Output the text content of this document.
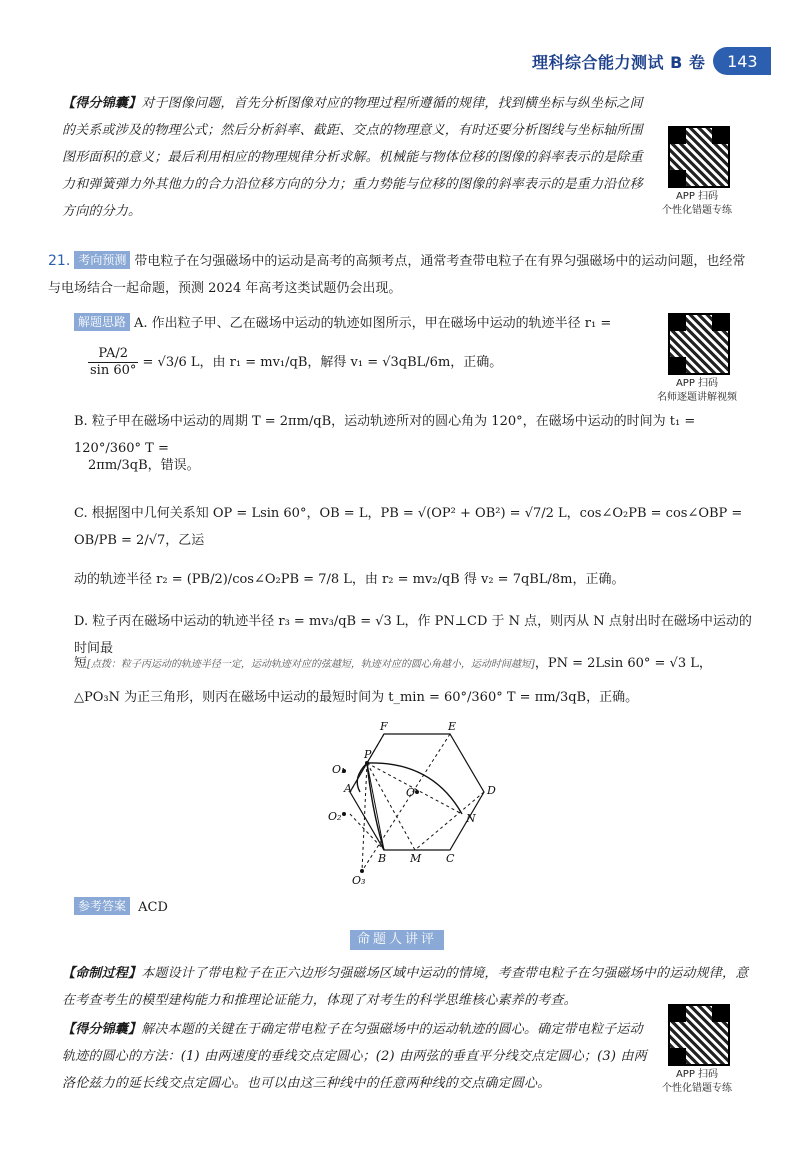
理科综合能力测试 B 卷	143
【得分锦囊】对于图像问题，首先分析图像对应的物理过程所遵循的规律，找到横坐标与纵坐标之间的关系或涉及的物理公式；然后分析斜率、截距、交点的物理意义，有时还要分析图线与坐标轴所围图形面积的意义；最后利用相应的物理规律分析求解。机械能与物体位移的图像的斜率表示的是除重力和弹簧弹力外其他力的合力沿位移方向的分力；重力势能与位移的图像的斜率表示的是重力沿位移方向的分力。
APP 扫码
个性化错题专练
21. 考向预测 带电粒子在匀强磁场中的运动是高考的高频考点，通常考查带电粒子在有界匀强磁场中的运动问题，也经常与电场结合一起命题，预测 2024 年高考这类试题仍会出现。
解题思路 A. 作出粒子甲、乙在磁场中运动的轨迹如图所示，甲在磁场中运动的轨迹半径 r₁ =
$\frac{PA/2}{\sin 60^\circ} = √3/6$ L，由 r₁ = mv₁/qB，解得 v₁ = √3qBL/6m，正确。
APP 扫码
名师逐题讲解视频
B. 粒子甲在磁场中运动的周期 T = 2πm/qB，运动轨迹所对的圆心角为 120°，在磁场中运动的时间为 t₁ = 120°/360° T =
2πm/3qB，错误。
C. 根据图中几何关系知 OP = Lsin 60°，OB = L，PB = √(OP² + OB²) = √7/2 L，cos∠O₂PB = cos∠OBP = OB/PB = 2/√7，乙运
动的轨迹半径 r₂ = (PB/2)/cos∠O₂PB = 7/8 L，由 r₂ = mv₂/qB 得 v₂ = 7qBL/8m，正确。
D. 粒子丙在磁场中运动的轨迹半径 r₃ = mv₃/qB = √3 L，作 PN⊥CD 于 N 点，则丙从 N 点射出时在磁场中运动的时间最
短[点拨：粒子丙运动的轨迹半径一定，运动轨迹对应的弦越短，轨迹对应的圆心角越小，运动时间越短]，PN = 2Lsin 60° = √3 L，
△PO₃N 为正三角形，则丙在磁场中运动的最短时间为 t_min = 60°/360° T = πm/3qB，正确。
F	E
P
O₁
A	O	D
O₂	N
B M C
O₃
参考答案 ACD
命题人讲评
【命制过程】本题设计了带电粒子在正六边形匀强磁场区域中运动的情境，考查带电粒子在匀强磁场中的运动规律，意在考查考生的模型建构能力和推理论证能力，体现了对考生的科学思维核心素养的考查。
【得分锦囊】解决本题的关键在于确定带电粒子在匀强磁场中的运动轨迹的圆心。确定带电粒子运动轨迹的圆心的方法：(1) 由两速度的垂线交点定圆心；(2) 由两弦的垂直平分线交点定圆心；(3) 由两洛伦兹力的延长线交点定圆心。也可以由这三种线中的任意两种线的交点确定圆心。
APP 扫码
个性化错题专练
